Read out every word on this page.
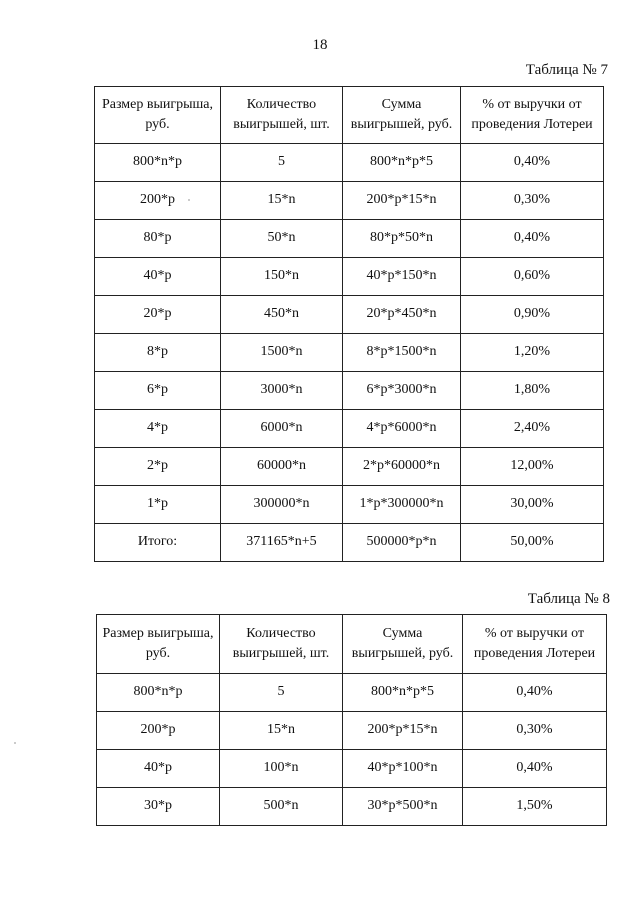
18
Таблица № 7
Размер выигрыша, руб.	Количество выигрышей, шт.	Сумма выигрышей, руб.	% от выручки от проведения Лотереи
800*n*p	5	800*n*p*5	0,40%
200*p	15*n	200*p*15*n	0,30%
80*p	50*n	80*p*50*n	0,40%
40*p	150*n	40*p*150*n	0,60%
20*p	450*n	20*p*450*n	0,90%
8*p	1500*n	8*p*1500*n	1,20%
6*p	3000*n	6*p*3000*n	1,80%
4*p	6000*n	4*p*6000*n	2,40%
2*p	60000*n	2*p*60000*n	12,00%
1*p	300000*n	1*p*300000*n	30,00%
Итого:	371165*n+5	500000*p*n	50,00%
Таблица № 8
Размер выигрыша, руб.	Количество выигрышей, шт.	Сумма выигрышей, руб.	% от выручки от проведения Лотереи
800*n*p	5	800*n*p*5	0,40%
200*p	15*n	200*p*15*n	0,30%
40*p	100*n	40*p*100*n	0,40%
30*p	500*n	30*p*500*n	1,50%
